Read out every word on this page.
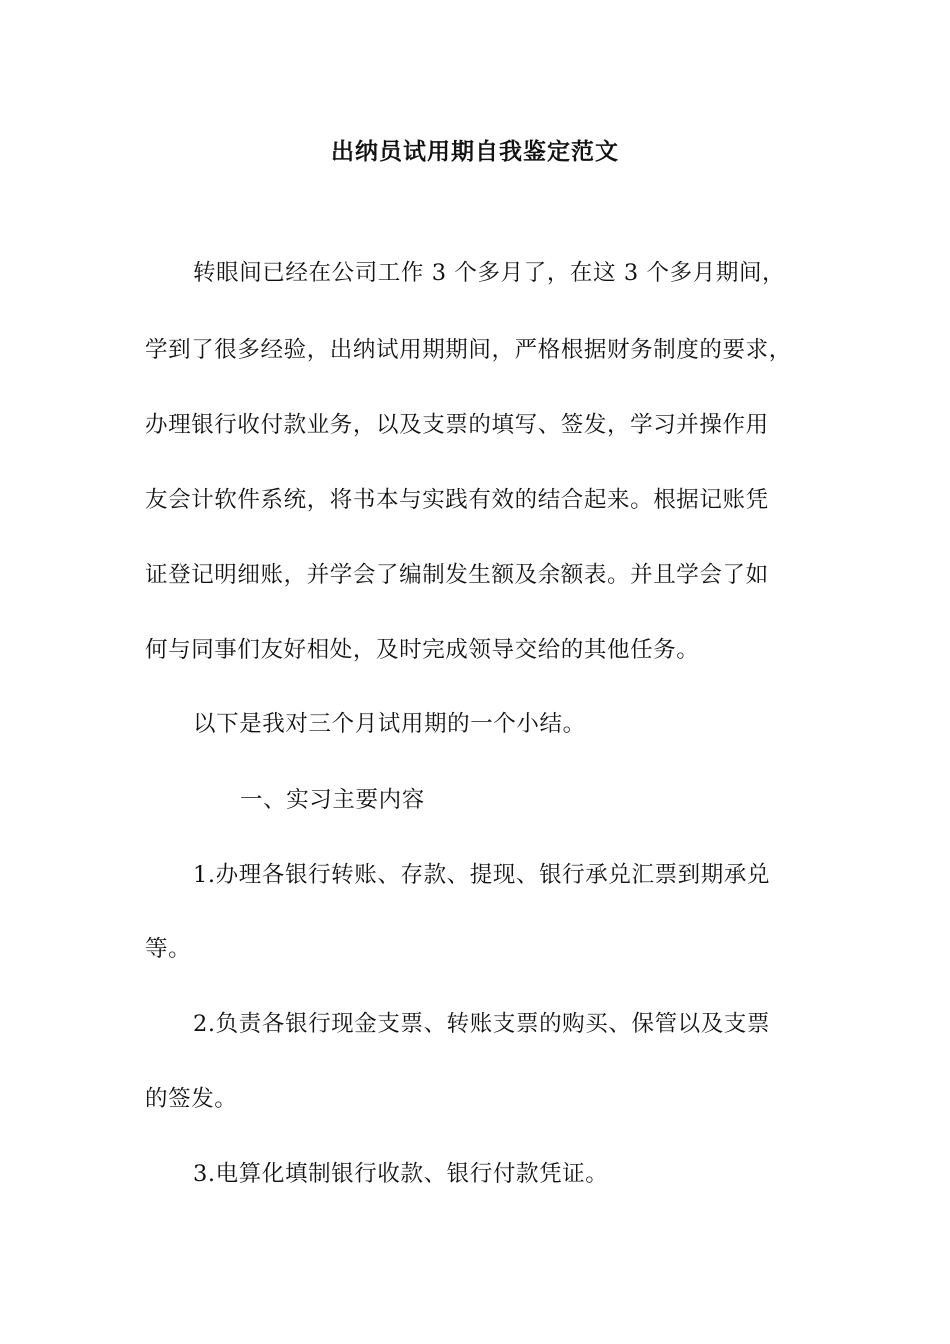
出纳员试用期自我鉴定范文
转眼间已经在公司工作 3 个多月了，在这 3 个多月期间，
学到了很多经验，出纳试用期期间，严格根据财务制度的要求，
办理银行收付款业务，以及支票的填写、签发，学习并操作用
友会计软件系统，将书本与实践有效的结合起来。根据记账凭
证登记明细账，并学会了编制发生额及余额表。并且学会了如
何与同事们友好相处，及时完成领导交给的其他任务。
以下是我对三个月试用期的一个小结。
一、实习主要内容
1.办理各银行转账、存款、提现、银行承兑汇票到期承兑
等。
2.负责各银行现金支票、转账支票的购买、保管以及支票
的签发。
3.电算化填制银行收款、银行付款凭证。
